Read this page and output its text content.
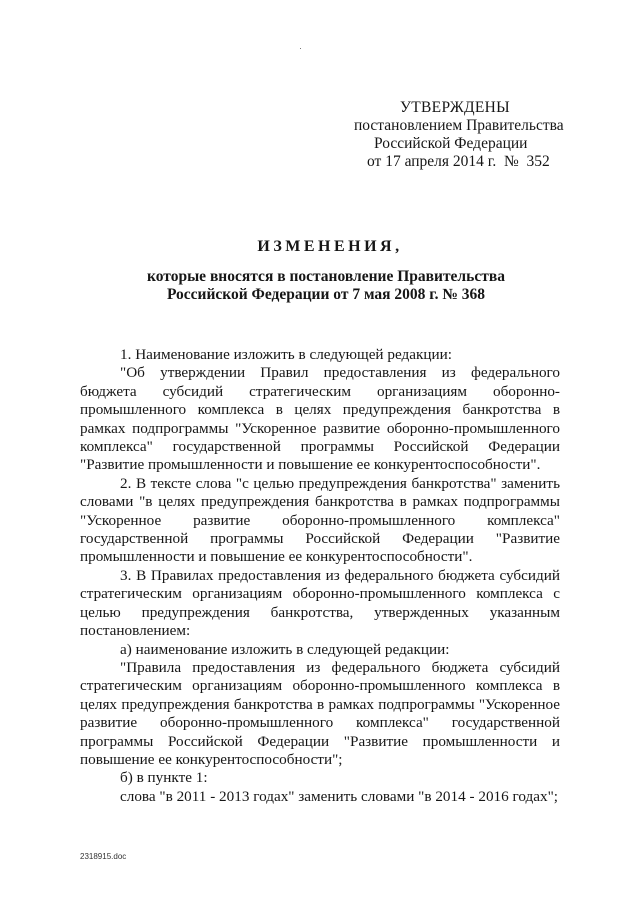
УТВЕРЖДЕНЫ
постановлением Правительства
Российской Федерации
от 17 апреля 2014 г.  №  352
ИЗМЕНЕНИЯ,
которые вносятся в постановление Правительства
Российской Федерации от 7 мая 2008 г. № 368

1. Наименование изложить в следующей редакции:

"Об утверждении Правил предоставления из федерального бюджета субсидий стратегическим организациям оборонно-промышленного комплекса в целях предупреждения банкротства в рамках подпрограммы "Ускоренное развитие оборонно-промышленного комплекса" государственной программы Российской Федерации "Развитие промышленности и повышение ее конкурентоспособности".

2. В тексте слова "с целью предупреждения банкротства" заменить словами "в целях предупреждения банкротства в рамках подпрограммы "Ускоренное развитие оборонно-промышленного комплекса" государственной программы Российской Федерации "Развитие промышленности и повышение ее конкурентоспособности".

3. В Правилах предоставления из федерального бюджета субсидий стратегическим организациям оборонно-промышленного комплекса с целью предупреждения банкротства, утвержденных указанным постановлением:

а) наименование изложить в следующей редакции:

"Правила предоставления из федерального бюджета субсидий стратегическим организациям оборонно-промышленного комплекса в целях предупреждения банкротства в рамках подпрограммы "Ускоренное развитие оборонно-промышленного комплекса" государственной программы Российской Федерации "Развитие промышленности и повышение ее конкурентоспособности";

б) в пункте 1:

слова "в 2011 - 2013 годах" заменить словами "в 2014 - 2016 годах";

2318915.doc
